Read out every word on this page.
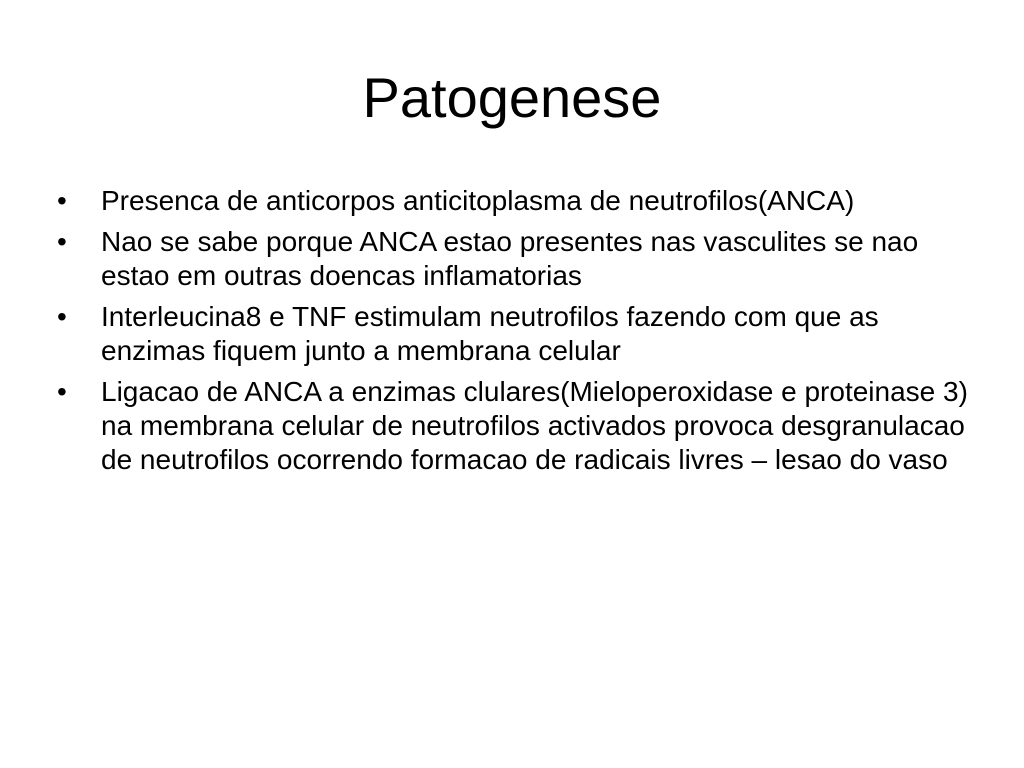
Patogenese
•	Presenca de anticorpos anticitoplasma de neutrofilos(ANCA)
•	Nao se sabe porque ANCA estao presentes nas vasculites se nao estao em outras doencas inflamatorias
•	Interleucina8 e TNF estimulam neutrofilos fazendo com que as enzimas fiquem junto a membrana celular
•	Ligacao de ANCA a enzimas clulares(Mieloperoxidase e proteinase 3) na membrana celular de neutrofilos activados provoca desgranulacao de neutrofilos ocorrendo formacao de radicais livres – lesao do vaso
